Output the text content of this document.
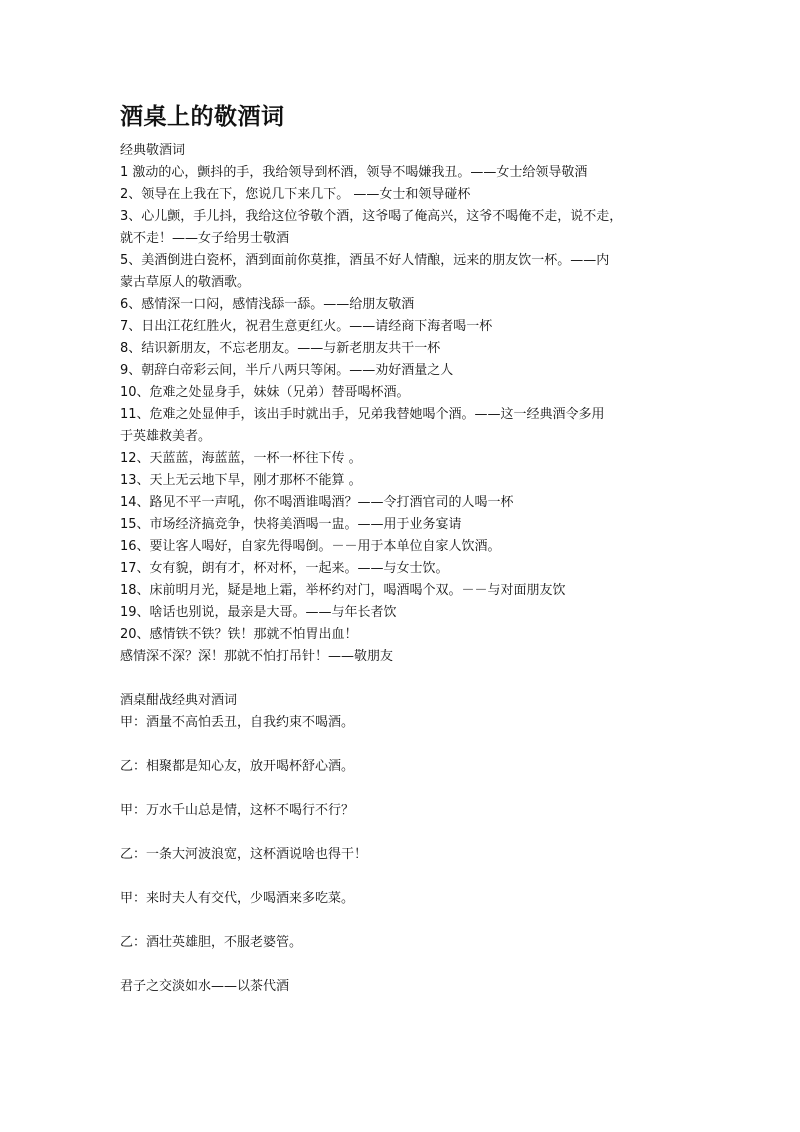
酒桌上的敬酒词

经典敬酒词

1 激动的心，颤抖的手，我给领导到杯酒，领导不喝嫌我丑。——女士给领导敬酒

2、领导在上我在下，您说几下来几下。 ——女士和领导碰杯

3、心儿颤，手儿抖，我给这位爷敬个酒，这爷喝了俺高兴，这爷不喝俺不走，说不走，

就不走！——女子给男士敬酒

5、美酒倒进白瓷杯，酒到面前你莫推，酒虽不好人情酿，远来的朋友饮一杯。——内

蒙古草原人的敬酒歌。

6、感情深一口闷，感情浅舔一舔。——给朋友敬酒

7、日出江花红胜火，祝君生意更红火。——请经商下海者喝一杯

8、结识新朋友，不忘老朋友。——与新老朋友共干一杯

9、朝辞白帝彩云间，半斤八两只等闲。——劝好酒量之人

10、危难之处显身手，妹妹（兄弟）替哥喝杯酒。

11、危难之处显伸手，该出手时就出手，兄弟我替她喝个酒。——这一经典酒令多用

于英雄救美者。

12、天蓝蓝，海蓝蓝，一杯一杯往下传 。

13、天上无云地下旱，刚才那杯不能算 。

14、路见不平一声吼，你不喝酒谁喝酒？——令打酒官司的人喝一杯

15、市场经济搞竞争，快将美酒喝一盅。——用于业务宴请

16、要让客人喝好，自家先得喝倒。－－用于本单位自家人饮酒。

17、女有貌，朗有才，杯对杯，一起来。——与女士饮。

18、床前明月光，疑是地上霜，举杯约对门，喝酒喝个双。－－与对面朋友饮

19、啥话也别说，最亲是大哥。——与年长者饮

20、感情铁不铁？铁！那就不怕胃出血！

感情深不深？深！那就不怕打吊针！——敬朋友

酒桌酣战经典对酒词

甲：酒量不高怕丢丑，自我约束不喝酒。

乙：相聚都是知心友，放开喝杯舒心酒。

甲：万水千山总是情，这杯不喝行不行？

乙：一条大河波浪宽，这杯酒说啥也得干！

甲：来时夫人有交代，少喝酒来多吃菜。

乙：酒壮英雄胆，不服老婆管。

君子之交淡如水——以茶代酒
